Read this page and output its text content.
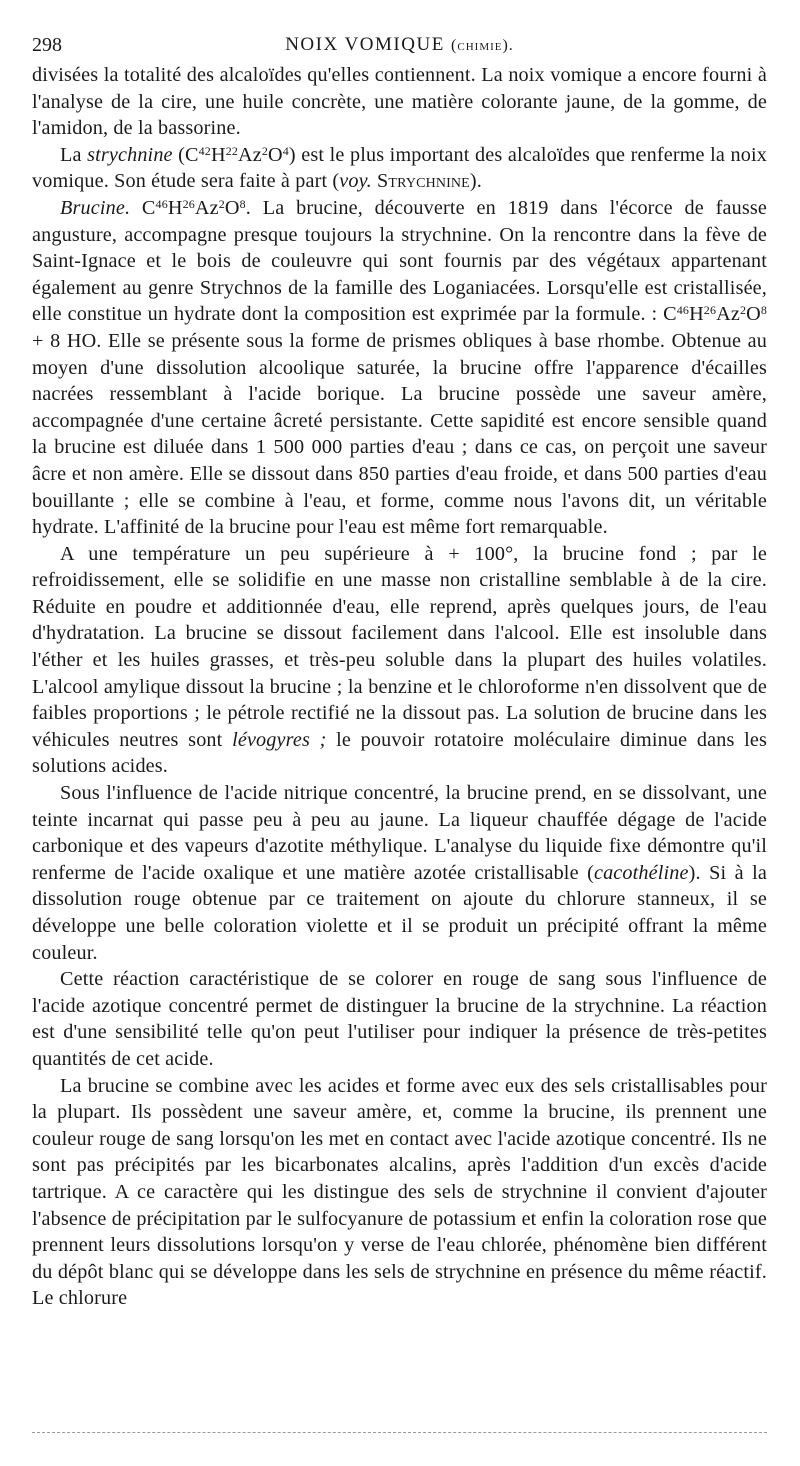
298	NOIX VOMIQUE (chimie).

divisées la totalité des alcaloïdes qu'elles contiennent. La noix vomique a encore fourni à l'analyse de la cire, une huile concrète, une matière colorante jaune, de la gomme, de l'amidon, de la bassorine.

La strychnine $(C^{42}H^{22}Az^2O^4)$ est le plus important des alcaloïdes que renferme la noix vomique. Son étude sera faite à part (voy. Strychnine).

Brucine. $C^{46}H^{26}Az^2O^8$. La brucine, découverte en 1819 dans l'écorce de fausse angusture, accompagne presque toujours la strychnine. On la rencontre dans la fève de Saint-Ignace et le bois de couleuvre qui sont fournis par des végétaux appartenant également au genre Strychnos de la famille des Loganiacées. Lorsqu'elle est cristallisée, elle constitue un hydrate dont la composition est exprimée par la formule. : $C^{46}H^{26}Az^2O^8 + 8$ HO. Elle se présente sous la forme de prismes obliques à base rhombe. Obtenue au moyen d'une dissolution alcoolique saturée, la brucine offre l'apparence d'écailles nacrées ressemblant à l'acide borique. La brucine possède une saveur amère, accompagnée d'une certaine âcreté persistante. Cette sapidité est encore sensible quand la brucine est diluée dans 1 500 000 parties d'eau ; dans ce cas, on perçoit une saveur âcre et non amère. Elle se dissout dans 850 parties d'eau froide, et dans 500 parties d'eau bouillante ; elle se combine à l'eau, et forme, comme nous l'avons dit, un véritable hydrate. L'affinité de la brucine pour l'eau est même fort remarquable.

A une température un peu supérieure à + 100°, la brucine fond ; par le refroidissement, elle se solidifie en une masse non cristalline semblable à de la cire. Réduite en poudre et additionnée d'eau, elle reprend, après quelques jours, de l'eau d'hydratation. La brucine se dissout facilement dans l'alcool. Elle est insoluble dans l'éther et les huiles grasses, et très-peu soluble dans la plupart des huiles volatiles. L'alcool amylique dissout la brucine ; la benzine et le chloroforme n'en dissolvent que de faibles proportions ; le pétrole rectifié ne la dissout pas. La solution de brucine dans les véhicules neutres sont lévogyres ; le pouvoir rotatoire moléculaire diminue dans les solutions acides.

Sous l'influence de l'acide nitrique concentré, la brucine prend, en se dissolvant, une teinte incarnat qui passe peu à peu au jaune. La liqueur chauffée dégage de l'acide carbonique et des vapeurs d'azotite méthylique. L'analyse du liquide fixe démontre qu'il renferme de l'acide oxalique et une matière azotée cristallisable (cacothéline). Si à la dissolution rouge obtenue par ce traitement on ajoute du chlorure stanneux, il se développe une belle coloration violette et il se produit un précipité offrant la même couleur.

Cette réaction caractéristique de se colorer en rouge de sang sous l'influence de l'acide azotique concentré permet de distinguer la brucine de la strychnine. La réaction est d'une sensibilité telle qu'on peut l'utiliser pour indiquer la présence de très-petites quantités de cet acide.

La brucine se combine avec les acides et forme avec eux des sels cristallisables pour la plupart. Ils possèdent une saveur amère, et, comme la brucine, ils prennent une couleur rouge de sang lorsqu'on les met en contact avec l'acide azotique concentré. Ils ne sont pas précipités par les bicarbonates alcalins, après l'addition d'un excès d'acide tartrique. A ce caractère qui les distingue des sels de strychnine il convient d'ajouter l'absence de précipitation par le sulfocyanure de potassium et enfin la coloration rose que prennent leurs dissolutions lorsqu'on y verse de l'eau chlorée, phénomène bien différent du dépôt blanc qui se développe dans les sels de strychnine en présence du même réactif. Le chlorure
